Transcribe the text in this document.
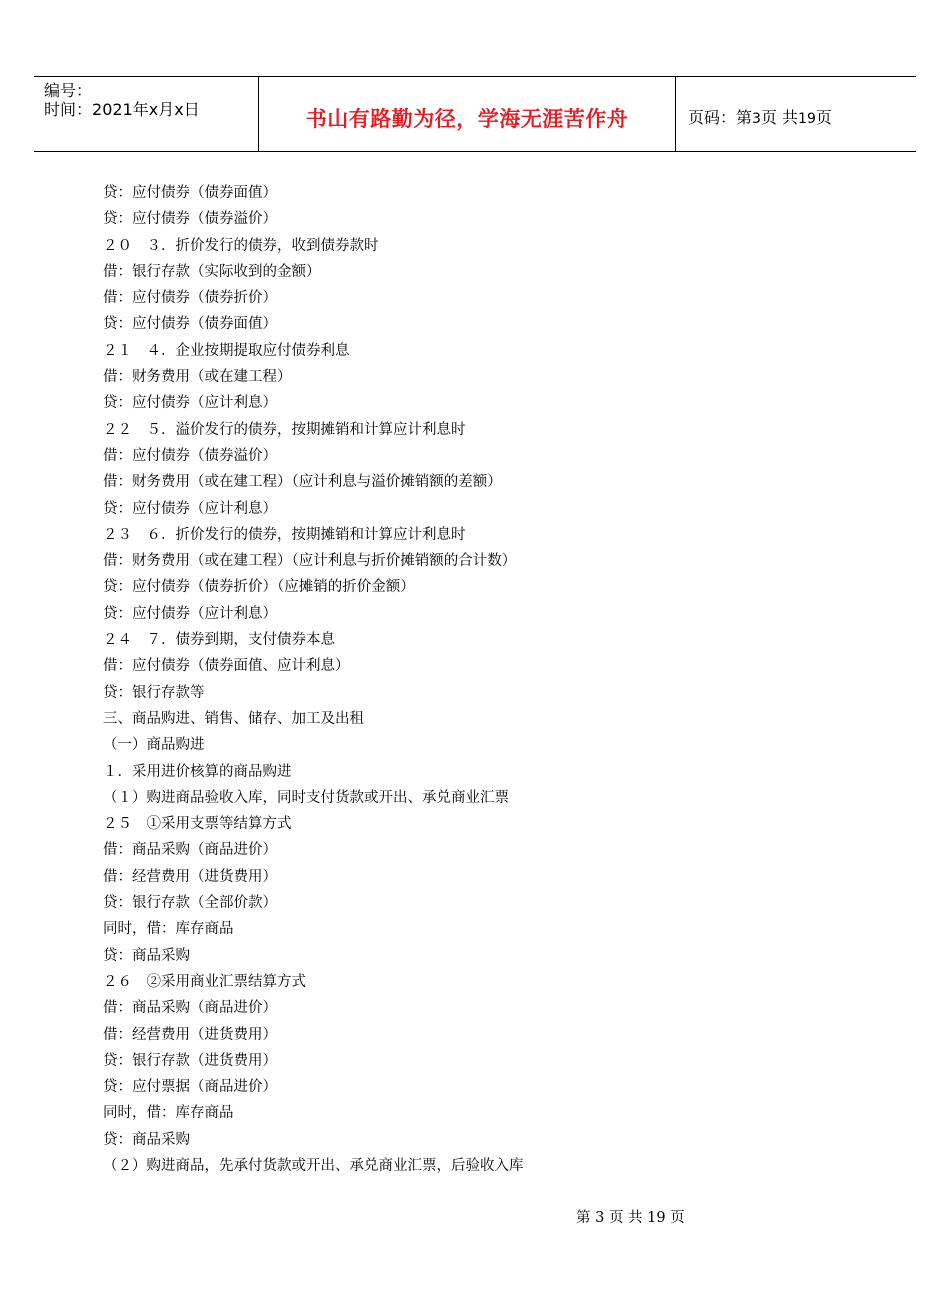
编号：
时间：2021年x月x日	书山有路勤为径，学海无涯苦作舟	页码：第3页 共19页
贷：应付债券（债券面值）
贷：应付债券（债券溢价）
２０　３．折价发行的债券，收到债券款时
借：银行存款（实际收到的金额）
借：应付债券（债券折价）
贷：应付债券（债券面值）
２１　４．企业按期提取应付债券利息
借：财务费用（或在建工程）
贷：应付债券（应计利息）
２２　５．溢价发行的债券，按期摊销和计算应计利息时
借：应付债券（债券溢价）
借：财务费用（或在建工程）（应计利息与溢价摊销额的差额）
贷：应付债券（应计利息）
２３　６．折价发行的债券，按期摊销和计算应计利息时
借：财务费用（或在建工程）（应计利息与折价摊销额的合计数）
贷：应付债券（债券折价）（应摊销的折价金额）
贷：应付债券（应计利息）
２４　７．债券到期，支付债券本息
借：应付债券（债券面值、应计利息）
贷：银行存款等
三、商品购进、销售、储存、加工及出租
（一）商品购进
１．采用进价核算的商品购进
（１）购进商品验收入库，同时支付货款或开出、承兑商业汇票
２５　①采用支票等结算方式
借：商品采购（商品进价）
借：经营费用（进货费用）
贷：银行存款（全部价款）
同时，借：库存商品
贷：商品采购
２６　②采用商业汇票结算方式
借：商品采购（商品进价）
借：经营费用（进货费用）
贷：银行存款（进货费用）
贷：应付票据（商品进价）
同时，借：库存商品
贷：商品采购
（２）购进商品，先承付货款或开出、承兑商业汇票，后验收入库
第 3 页 共 19 页
